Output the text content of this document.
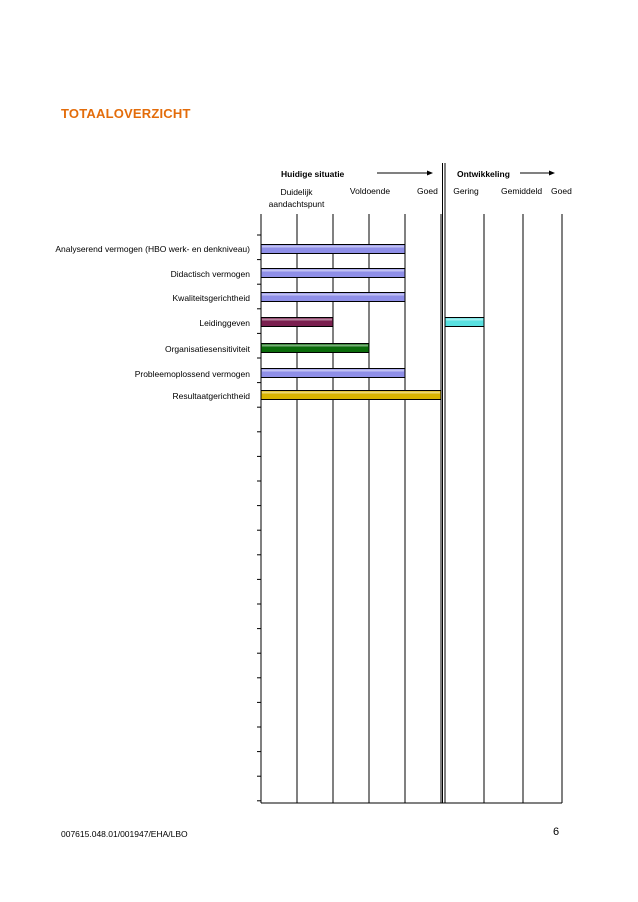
TOTAALOVERZICHT
Huidige situatie	Ontwikkeling
Duidelijk aandachtspunt
Voldoende	Goed	Gering	Gemiddeld Goed
Analyserend vermogen (HBO werk- en denkniveau)
Didactisch vermogen
Kwaliteitsgerichtheid
Leidinggeven
Organisatiesensitiviteit
Probleemoplossend vermogen
Resultaatgerichtheid
007615.048.01/001947/EHA/LBO	6
